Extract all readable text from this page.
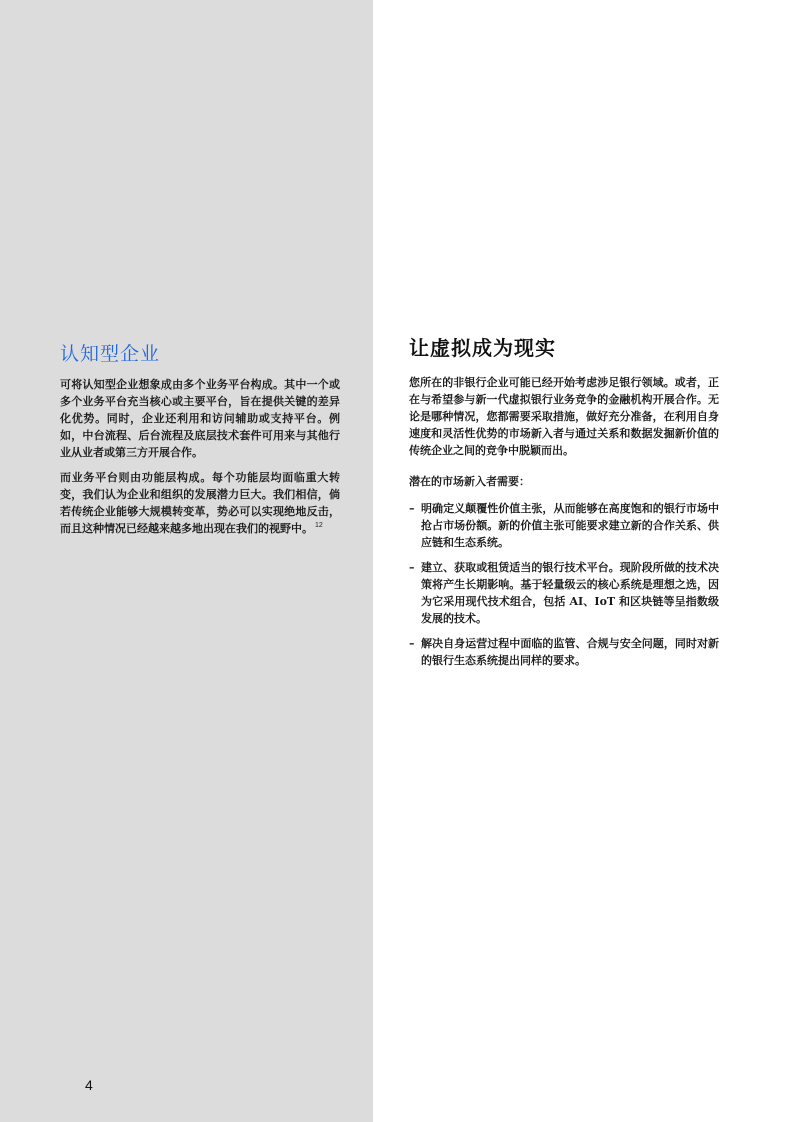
认知型企业

可将认知型企业想象成由多个业务平台构成。其中一个或多个业务平台充当核心或主要平台，旨在提供关键的差异化优势。同时，企业还利用和访问辅助或支持平台。例如，中台流程、后台流程及底层技术套件可用来与其他行业从业者或第三方开展合作。

而业务平台则由功能层构成。每个功能层均面临重大转变，我们认为企业和组织的发展潜力巨大。我们相信，倘若传统企业能够大规模转变革，势必可以实现绝地反击，而且这种情况已经越来越多地出现在我们的视野中。 $^{12}$

让虚拟成为现实

您所在的非银行企业可能已经开始考虑涉足银行领域。或者，正在与希望参与新一代虚拟银行业务竞争的金融机构开展合作。无论是哪种情况，您都需要采取措施，做好充分准备，在利用自身速度和灵活性优势的市场新入者与通过关系和数据发掘新价值的传统企业之间的竞争中脱颖而出。

潜在的市场新入者需要：

– 明确定义颠覆性价值主张，从而能够在高度饱和的银行市场中抢占市场份额。新的价值主张可能要求建立新的合作关系、供应链和生态系统。
– 建立、获取或租赁适当的银行技术平台。现阶段所做的技术决策将产生长期影响。基于轻量级云的核心系统是理想之选，因为它采用现代技术组合，包括 AI、IoT 和区块链等呈指数级发展的技术。
– 解决自身运营过程中面临的监管、合规与安全问题，同时对新的银行生态系统提出同样的要求。
4
